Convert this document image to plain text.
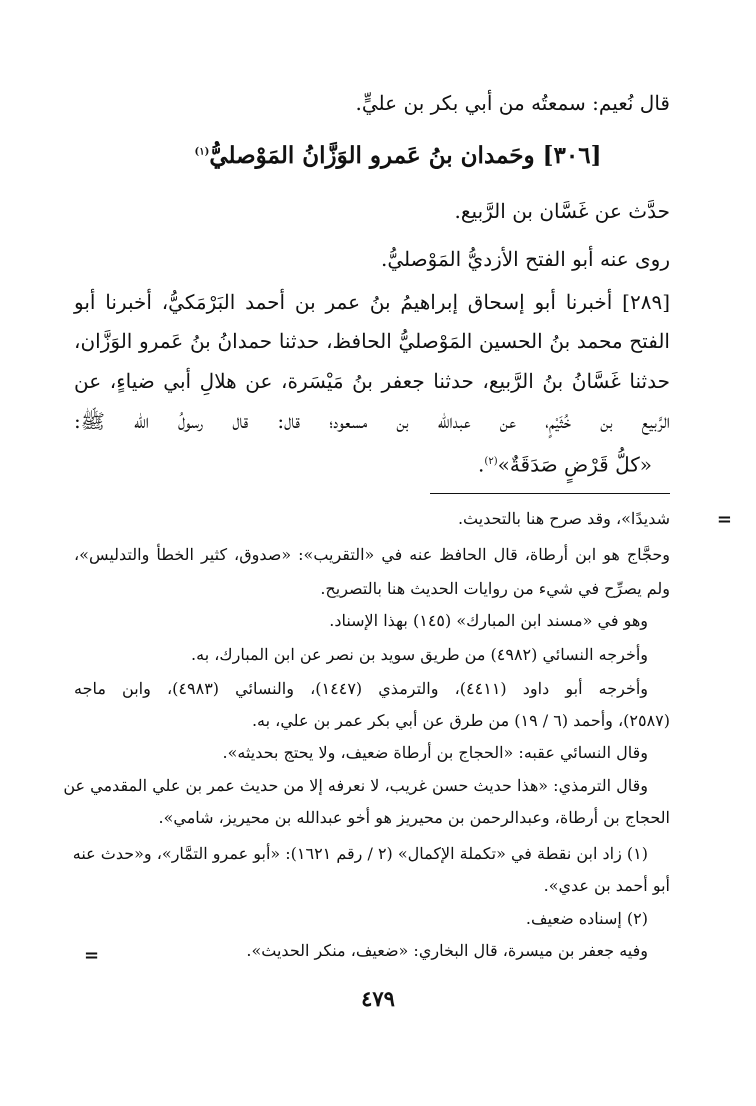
قال نُعيم: سمعتُه من أبي بكر بن عليٍّ.
[٣٠٦] وحَمدان بنُ عَمرو الوَزَّانُ المَوْصليُّ$^{(١)}$
حدَّث عن غَسَّان بن الرَّبيع.
روى عنه أبو الفتح الأزديُّ المَوْصليُّ.
[٢٨٩] أخبرنا أبو إسحاق إبراهيمُ بنُ عمر بن أحمد البَرْمَكيُّ، أخبرنا أبو
الفتح محمد بنُ الحسين المَوْصليُّ الحافظ، حدثنا حمدانُ بنُ عَمرو الوَزَّان،
حدثنا غَسَّانُ بنُ الرَّبيع، حدثنا جعفر بنُ مَيْسَرة، عن هلالِ أبي ضياءٍ، عن
الرَّبيع بن خُثَيْمٍ، عن عبدالله بن مسعود؛ قال: قال رسولُ الله ﷺ:
«كلُّ قَرْضٍ صَدَقَةٌ»$^{(٢)}$.
=
شديدًا»، وقد صرح هنا بالتحديث.
وحجَّاج هو ابن أرطاة، قال الحافظ عنه في «التقريب»: «صدوق، كثير الخطأ والتدليس»،
ولم يصرِّح في شيء من روايات الحديث هنا بالتصريح.
وهو في «مسند ابن المبارك» (١٤٥) بهذا الإسناد.
وأخرجه النسائي (٤٩٨٢) من طريق سويد بن نصر عن ابن المبارك، به.
وأخرجه أبو داود (٤٤١١)، والترمذي (١٤٤٧)، والنسائي (٤٩٨٣)، وابن ماجه
(٢٥٨٧)، وأحمد (٦ / ١٩) من طرق عن أبي بكر عمر بن علي، به.
وقال النسائي عقبه: «الحجاج بن أرطاة ضعيف، ولا يحتج بحديثه».
وقال الترمذي: «هذا حديث حسن غريب، لا نعرفه إلا من حديث عمر بن علي المقدمي عن
الحجاج بن أرطاة، وعبدالرحمن بن محيريز هو أخو عبدالله بن محيريز، شامي».
(١) زاد ابن نقطة في «تكملة الإكمال» (٢ / رقم ١٦٢١): «أبو عمرو التمَّار»، و«حدث عنه
أبو أحمد بن عدي».
(٢) إسناده ضعيف.
وفيه جعفر بن ميسرة، قال البخاري: «ضعيف، منكر الحديث».
=
٤٧٩
